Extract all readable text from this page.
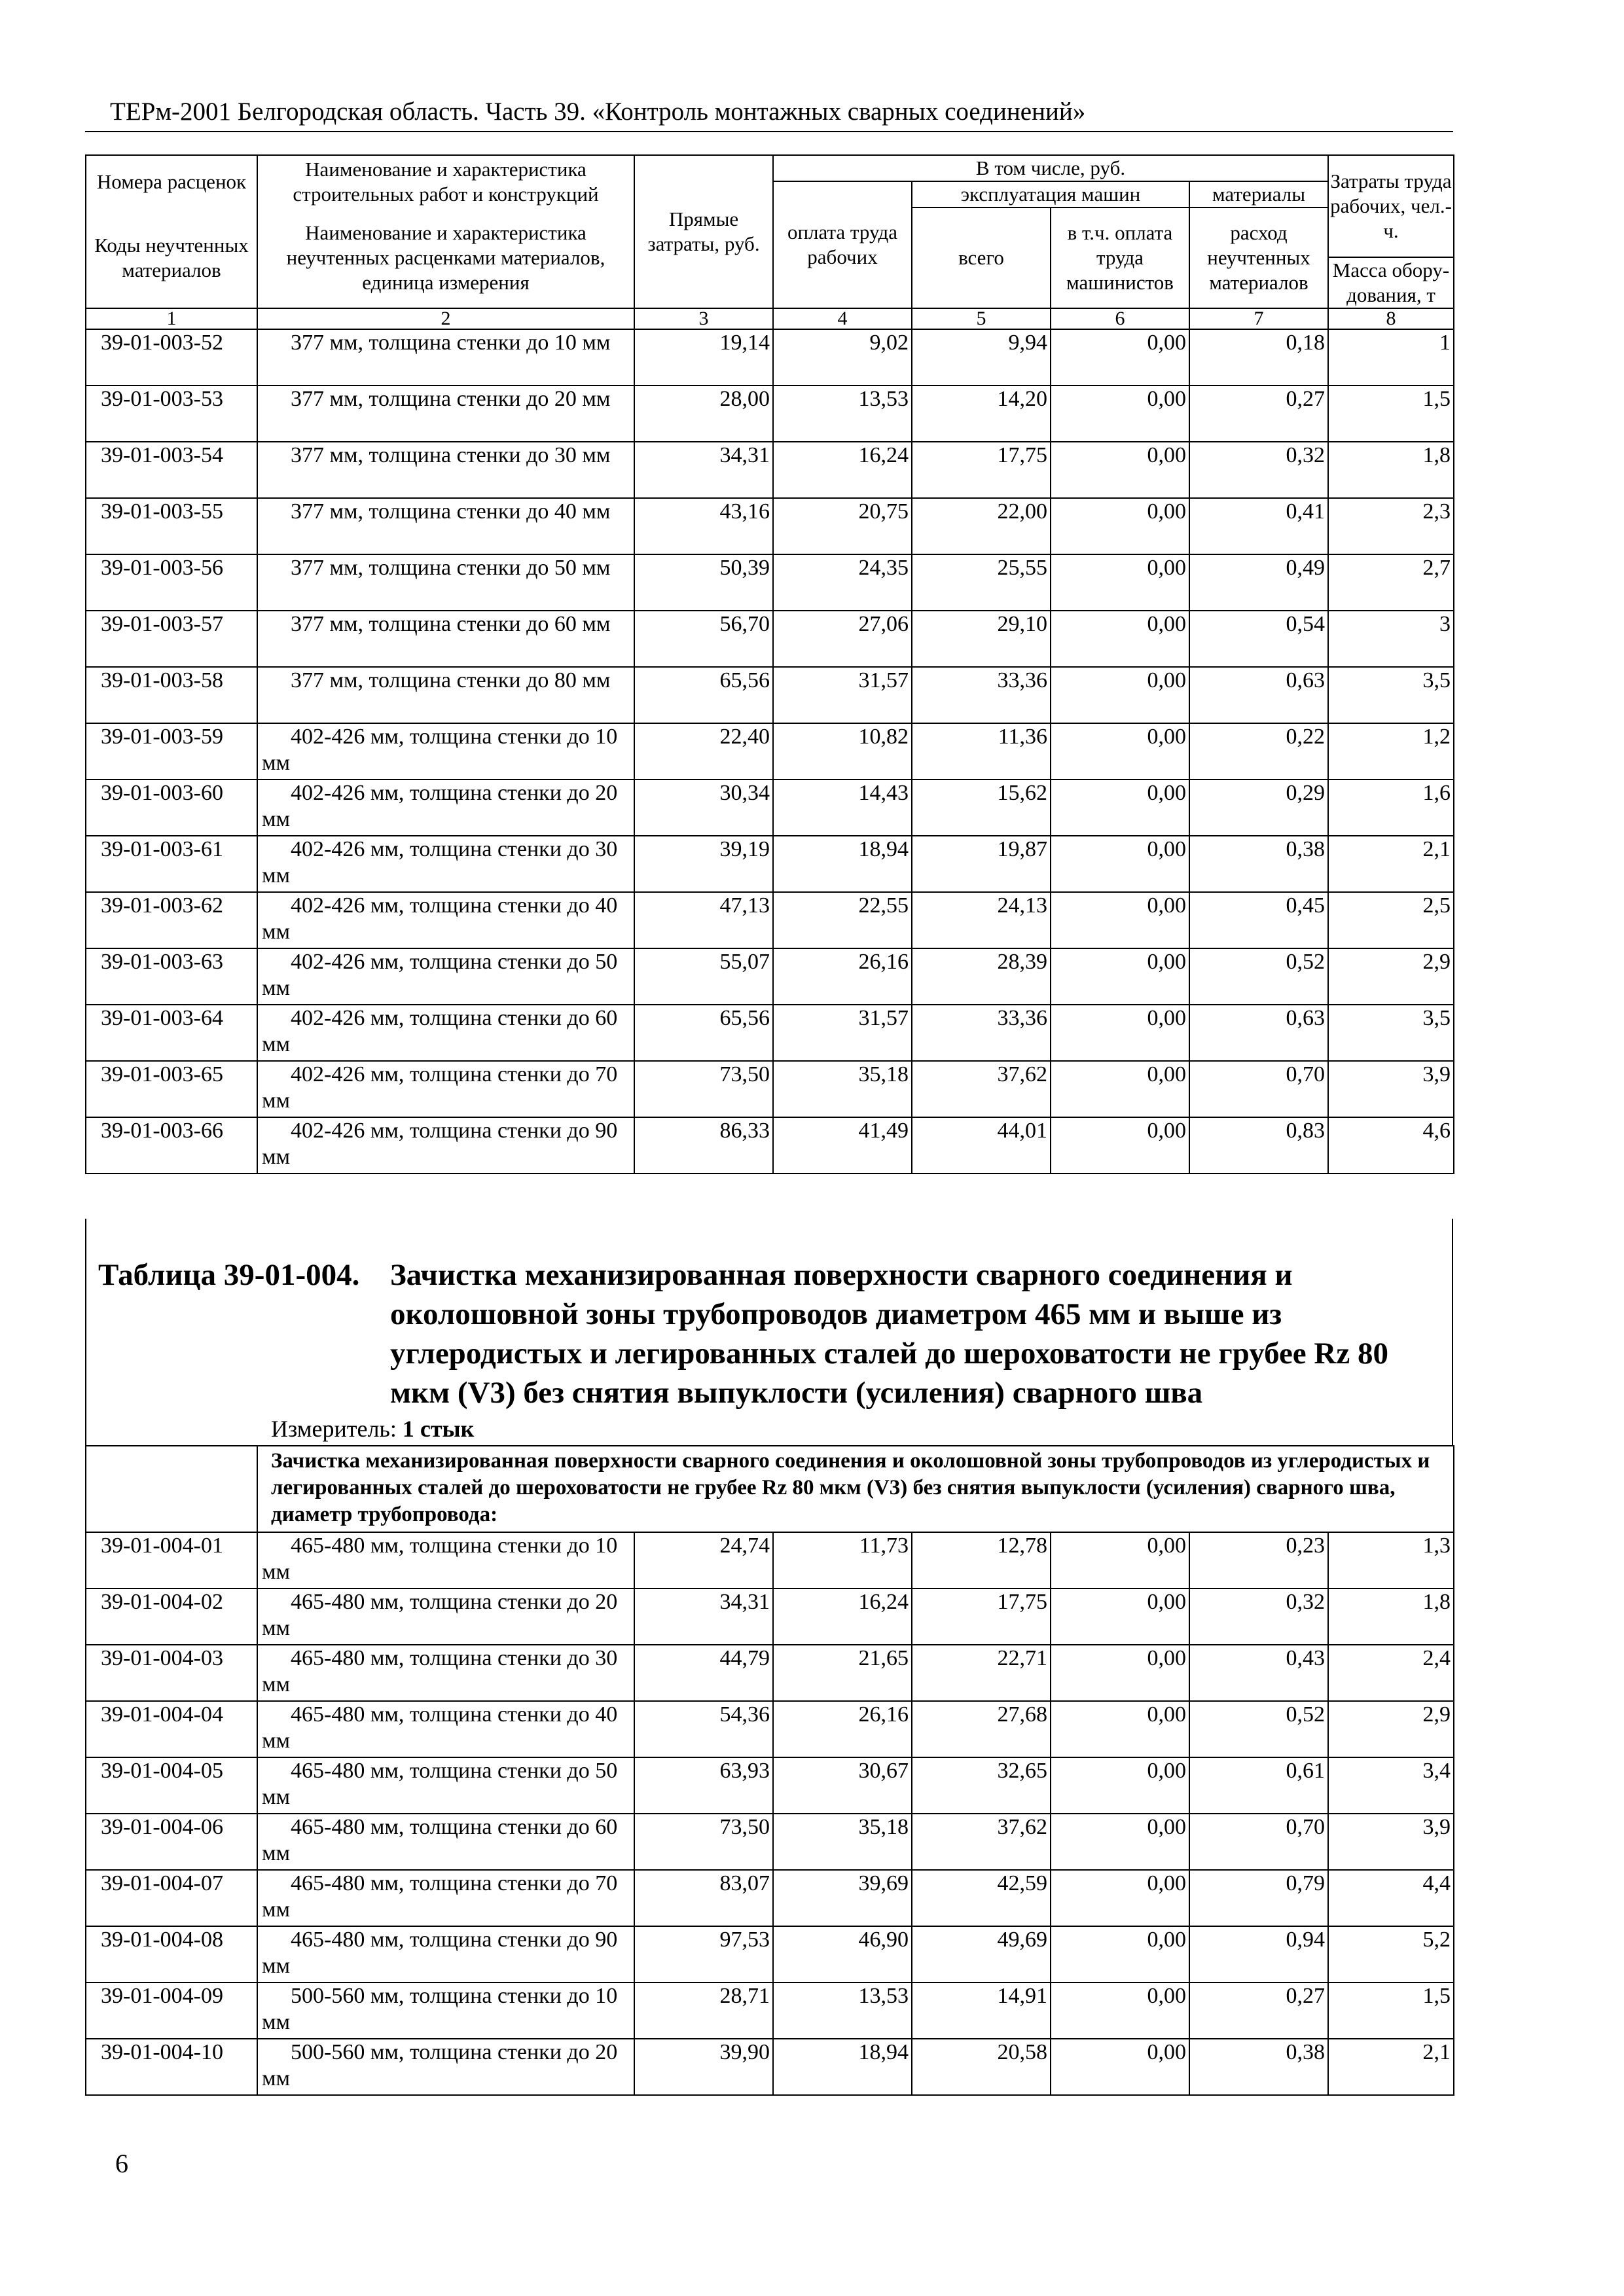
ТЕРм-2001 Белгородская область. Часть 39. «Контроль монтажных сварных соединений»
Номера расценок	Наименование и характеристика строительных работ и конструкций	Прямые затраты, руб.	В том числе, руб.				Затраты труда рабочих, чел.-ч.
			оплата труда рабочих	эксплуатация машин		материалы	
Коды неучтенных материалов	Наименование и характеристика неучтенных расценками материалов, единица измерения			всего	в т.ч. оплата труда машинистов	расход неучтенных материалов	
							Масса обору-дования, т
1	2	3	4	5	6	7	8
39-01-003-52	377 мм, толщина стенки до 10 мм	19,14	9,02	9,94	0,00	0,18	1
39-01-003-53	377 мм, толщина стенки до 20 мм	28,00	13,53	14,20	0,00	0,27	1,5
39-01-003-54	377 мм, толщина стенки до 30 мм	34,31	16,24	17,75	0,00	0,32	1,8
39-01-003-55	377 мм, толщина стенки до 40 мм	43,16	20,75	22,00	0,00	0,41	2,3
39-01-003-56	377 мм, толщина стенки до 50 мм	50,39	24,35	25,55	0,00	0,49	2,7
39-01-003-57	377 мм, толщина стенки до 60 мм	56,70	27,06	29,10	0,00	0,54	3
39-01-003-58	377 мм, толщина стенки до 80 мм	65,56	31,57	33,36	0,00	0,63	3,5
39-01-003-59	402-426 мм, толщина стенки до 10 мм	22,40	10,82	11,36	0,00	0,22	1,2
39-01-003-60	402-426 мм, толщина стенки до 20 мм	30,34	14,43	15,62	0,00	0,29	1,6
39-01-003-61	402-426 мм, толщина стенки до 30 мм	39,19	18,94	19,87	0,00	0,38	2,1
39-01-003-62	402-426 мм, толщина стенки до 40 мм	47,13	22,55	24,13	0,00	0,45	2,5
39-01-003-63	402-426 мм, толщина стенки до 50 мм	55,07	26,16	28,39	0,00	0,52	2,9
39-01-003-64	402-426 мм, толщина стенки до 60 мм	65,56	31,57	33,36	0,00	0,63	3,5
39-01-003-65	402-426 мм, толщина стенки до 70 мм	73,50	35,18	37,62	0,00	0,70	3,9
39-01-003-66	402-426 мм, толщина стенки до 90 мм	86,33	41,49	44,01	0,00	0,83	4,6
Таблица 39-01-004. Зачистка механизированная поверхности сварного соединения и околошовной зоны трубопроводов диаметром 465 мм и выше из углеродистых и легированных сталей до шероховатости не грубее Rz 80 мкм (V3) без снятия выпуклости (усиления) сварного шва
Измеритель: 1 стык
	Зачистка механизированная поверхности сварного соединения и околошовной зоны трубопроводов из углеродистых и легированных сталей до шероховатости не грубее Rz 80 мкм (V3) без снятия выпуклости (усиления) сварного шва, диаметр трубопровода:						
39-01-004-01	465-480 мм, толщина стенки до 10 мм	24,74	11,73	12,78	0,00	0,23	1,3
39-01-004-02	465-480 мм, толщина стенки до 20 мм	34,31	16,24	17,75	0,00	0,32	1,8
39-01-004-03	465-480 мм, толщина стенки до 30 мм	44,79	21,65	22,71	0,00	0,43	2,4
39-01-004-04	465-480 мм, толщина стенки до 40 мм	54,36	26,16	27,68	0,00	0,52	2,9
39-01-004-05	465-480 мм, толщина стенки до 50 мм	63,93	30,67	32,65	0,00	0,61	3,4
39-01-004-06	465-480 мм, толщина стенки до 60 мм	73,50	35,18	37,62	0,00	0,70	3,9
39-01-004-07	465-480 мм, толщина стенки до 70 мм	83,07	39,69	42,59	0,00	0,79	4,4
39-01-004-08	465-480 мм, толщина стенки до 90 мм	97,53	46,90	49,69	0,00	0,94	5,2
39-01-004-09	500-560 мм, толщина стенки до 10 мм	28,71	13,53	14,91	0,00	0,27	1,5
39-01-004-10	500-560 мм, толщина стенки до 20 мм	39,90	18,94	20,58	0,00	0,38	2,1
6
